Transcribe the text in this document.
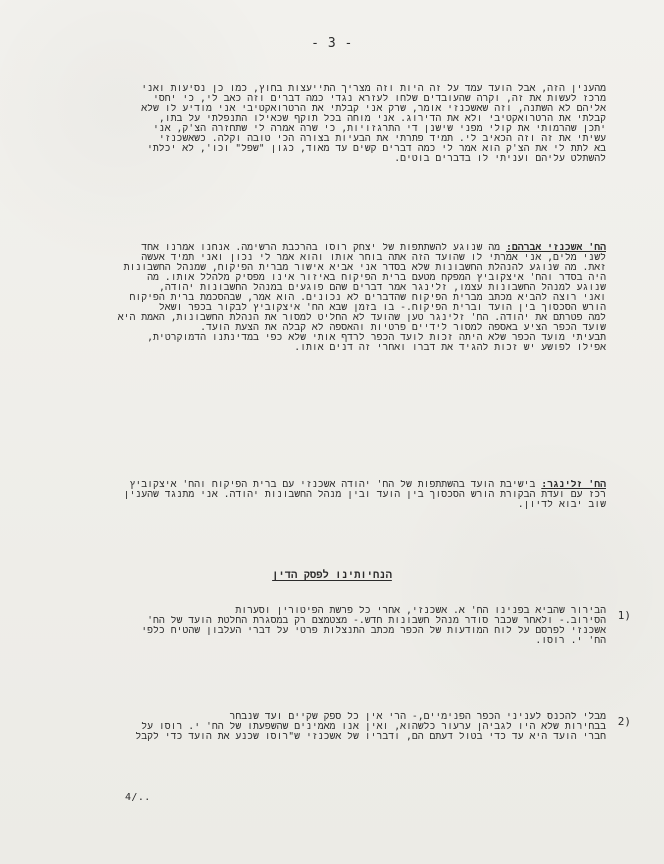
- 3 -
מהענין הזה, אבל הועד עמד על זה היות וזה מצריך התייעצות בחוץ, כמו כן נסיעות ואני
מרכז לעשות את זה, וקרה שהעובדים שלחו לעזרא נגדי כמה דברים וזה כאב לי, כי יחסי
אליהם לא השתנה, וזה שאשכנזי אומר, שרק אני קבלתי את הרטרואקטיבי אני מודיע לו שלא
קבלתי את הרטרואקטיבי ולא את הדירוג. אני מוחה בכל תוקף שכאילו התנפלתי על בתו,
יתכן שהרמותי את קולי מפני שישנן די התרגזויות, כי שרה אמרה לי שתחזרה הצ'ק, אני
עשיתי את זה וזה הכאיב לי. תמיד פתרתי את הבעיות בצורה הכי טובה וקלה. כשאשכנזי
בא לתת לי את הצ'ק הוא אמר לי כמה דברים קשים עד מאוד, כגון "שפל" וכו', לא יכלתי
להשתלט עליהם ועניתי לו בדברים בוטים.
הח' אשכנזי אברהם: מה שנוגע להשתתפות של יצחק רוסו בהרכבת הרשימה. אנחנו אמרנו אחד
לשני מלים, אני אמרתי לו שהועד הזה אתה בוחר אותו והוא אמר לי נכון ואני תמיד אעשה
זאת. מה שנוגע להנהלת החשבונות שלא בסדר אני אביא אישור מברית הפיקוח, שמנהל החשבונות
היה בסדר והח' איצקוביץ המפקח מטעם ברית הפיקוח באיזור אינו מפסיק מלהלל אותו. מה
שנוגע למנהל החשבונות עצמו, זלינגר אמר דברים שהם פוגעים במנהל החשבונות יהודה,
ואני רוצה להביא מכתב מברית הפיקוח שהדברים לא נכונים. הוא אמר, שבהסכמת ברית הפיקוח
הורש הסכסוך בין הועד וברית הפיקוח.- בו בזמן שבא הח' איצקוביץ לבקור בכפר ושאל
למה פטרתם את יהודה. הח' זלינגר טען שהועד לא החליט למסור את הנהלת החשבונות, האמת היא
שועד הכפר הציע באספה למסור לידיים פרטיות והאספה לא קבלה את הצעת הועד.
תבעיתי מועד הכפר שלא היתה זכות לועד הכפר לרדף אותי שלא כפי במדינתנו הדמוקרטית,
אפילו לפושע יש זכות להגיד את דברו ואחרי זה דנים אותו.
הח' זלינגר: בישיבת הועד בהשתתפות של הח' יהודה אשכנזי עם ברית הפיקוח והח' איצקוביץ
רכז עם ועדת הבקורת הורש הסכסוך בין הועד ובין מנהל החשבונות יהודה. אני מתנגד שהענין
שוב יבוא לדיון.
הנחיותינו לפסק הדין
1)
הבירור שהביא בפנינו הח' א. אשכנזי, אחרי כל פרשת הפיטורין וסערות
הסירוב.- ולאחר שכבר סודר מנהל חשבונות חדש.- מצטמצם רק במסגרת החלטת הועד של הח'
אשכנזי לפרסם על לוח המודעות של הכפר מכתב התנצלות פרטי על דברי העלבון שהטיח כלפי
הח' י. רוסו.
2)
מבלי להכנס לעניני הכפר הפנימיים,- הרי אין כל ספק שקיים ועד שנבחר
בבחירות שלא היו לגביהן ערעור כלשהוא, ואין אנו מאמינים שהשפעתו של הח' י. רוסו על
חברי הועד היא עד כדי בטול דעתם הם, ודבריו של אשכנזי ש"רוסו שכנע את הועד כדי לקבל
4/..
